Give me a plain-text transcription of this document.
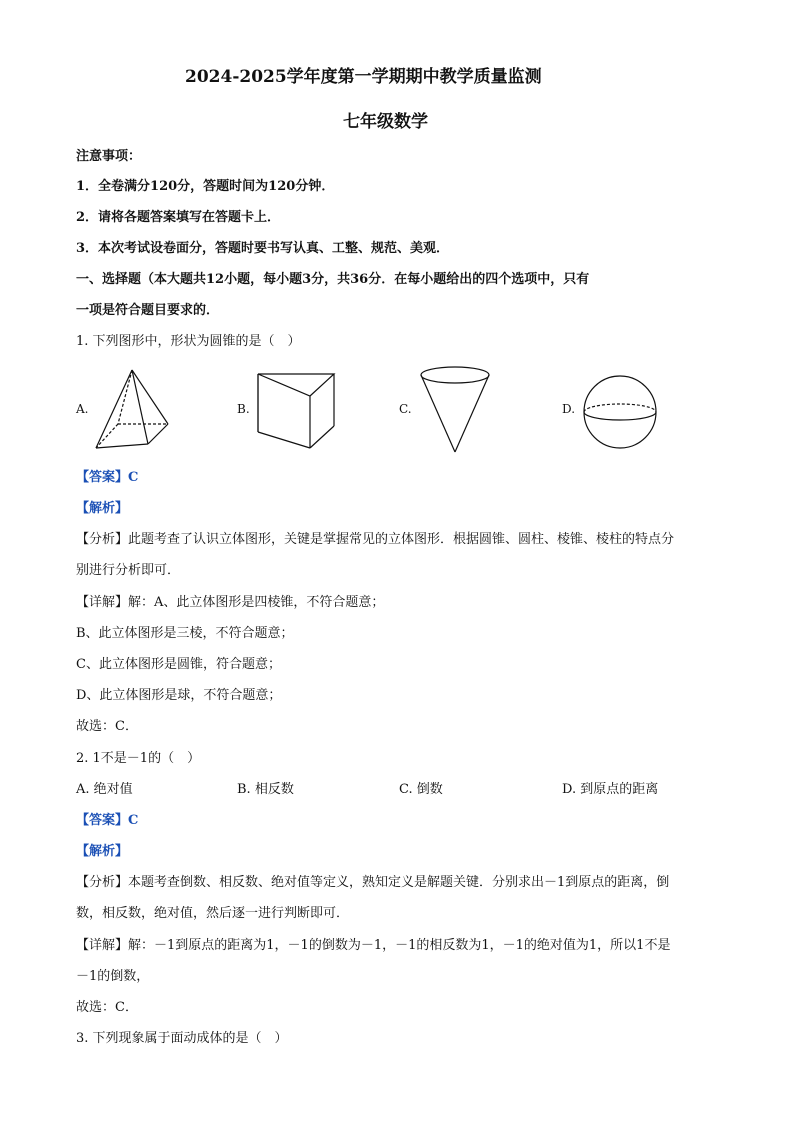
2024-2025学年度第一学期期中教学质量监测
七年级数学
注意事项：
1．全卷满分120分，答题时间为120分钟．
2．请将各题答案填写在答题卡上．
3．本次考试设卷面分，答题时要书写认真、工整、规范、美观．
一、选择题（本大题共12小题，每小题3分，共36分．在每小题给出的四个选项中，只有
一项是符合题目要求的．
1. 下列图形中，形状为圆锥的是（　）
A.	B.	C.	D.
【答案】C
【解析】
【分析】此题考查了认识立体图形，关键是掌握常见的立体图形．根据圆锥、圆柱、棱锥、棱柱的特点分
别进行分析即可．
【详解】解：A、此立体图形是四棱锥，不符合题意；
B、此立体图形是三棱，不符合题意；
C、此立体图形是圆锥，符合题意；
D、此立体图形是球，不符合题意；
故选：C．
2. 1不是－1的（　）
A. 绝对值	B. 相反数	C. 倒数	D. 到原点的距离
【答案】C
【解析】
【分析】本题考查倒数、相反数、绝对值等定义，熟知定义是解题关键．分别求出－1到原点的距离，倒
数，相反数，绝对值，然后逐一进行判断即可．
【详解】解：－1到原点的距离为1，－1的倒数为－1，－1的相反数为1，－1的绝对值为1，所以1不是
－1的倒数，
故选：C．
3. 下列现象属于面动成体的是（　）
